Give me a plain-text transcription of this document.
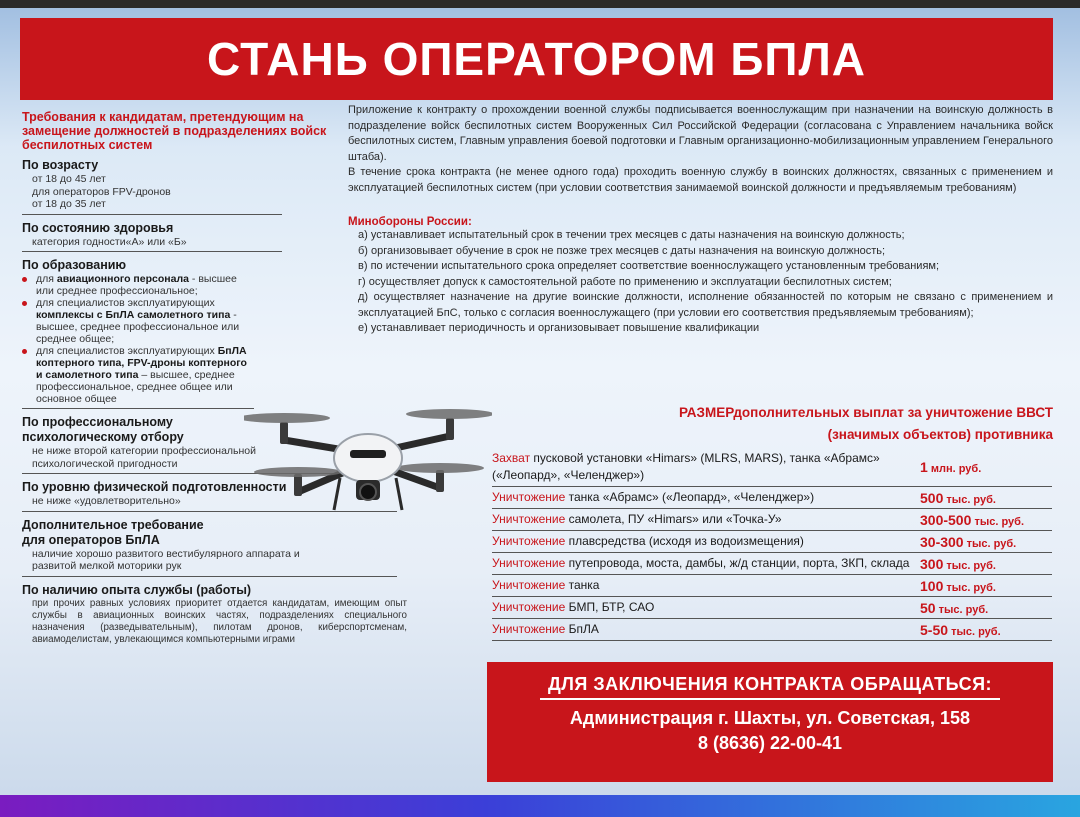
СТАНЬ ОПЕРАТОРОМ БПЛА
Требования к кандидатам, претендующим на замещение должностей в подразделениях войск беспилотных систем
По возрасту
от 18 до 45 лет
для операторов FPV-дронов
от 18 до 35 лет
По состоянию здоровья
категория годности«А» или «Б»
По образованию
для авиационного персонала - высшее или среднее профессиональное;
для специалистов эксплуатирующих комплексы с БпЛА самолетного типа - высшее, среднее профессиональное или среднее общее;
для специалистов эксплуатирующих БпЛА коптерного типа, FPV-дроны коптерного и самолетного типа – высшее, среднее профессиональное, среднее общее или основное общее
По профессиональному психологическому отбору
не ниже второй категории профессиональной психологической пригодности
По уровню физической подготовленности
не ниже «удовлетворительно»
Дополнительное требование для операторов БпЛА
наличие хорошо развитого вестибулярного аппарата и развитой мелкой моторики рук
По наличию опыта службы (работы)
при прочих равных условиях приоритет отдается кандидатам, имеющим опыт службы в авиационных воинских частях, подразделениях специального назначения (разведывательным), пилотам дронов, киберспортсменам, авиамоделистам, увлекающимся компьютерными играми

Приложение к контракту о прохождении военной службы подписывается военнослужащим при назначении на воинскую должность в подразделение войск беспилотных систем Вооруженных Сил Российской Федерации (согласована с Управлением начальника войск беспилотных систем, Главным управления боевой подготовки и Главным организационно-мобилизационным управлением Генерального штаба).

В течение срока контракта (не менее одного года) проходить военную службу в воинских должностях, связанных с применением и эксплуатацией беспилотных систем (при условии соответствия занимаемой воинской должности и предъявляемым требованиям)

Минобороны России:
а) устанавливает испытательный срок в течении трех месяцев с даты назначения на воинскую должность;
б) организовывает обучение в срок не позже трех месяцев с даты назначения на воинскую должность;
в) по истечении испытательного срока определяет соответствие военнослужащего установленным требованиям;
г) осуществляет допуск к самостоятельной работе по применению и эксплуатации беспилотных систем;
д) осуществляет назначение на другие воинские должности, исполнение обязанностей по которым не связано с применением и эксплуатацией БпС, только с согласия военнослужащего (при условии его соответствия предъявляемым требованиям);
е) устанавливает периодичность и организовывает повышение квалификации
РАЗМЕРдополнительных выплат за уничтожение ВВСТ
(значимых объектов) противника
Захват пусковой установки «Himars» (MLRS, MARS), танка «Абрамс» («Леопард», «Челенджер»)	1 млн. руб.
Уничтожение танка «Абрамс» («Леопард», «Челенджер»)	500 тыс. руб.
Уничтожение самолета, ПУ «Himars» или «Точка-У»	300-500 тыс. руб.
Уничтожение плавсредства (исходя из водоизмещения)	30-300 тыс. руб.
Уничтожение путепровода, моста, дамбы, ж/д станции, порта, ЗКП, склада 300 тыс. руб.
Уничтожение танка	100 тыс. руб.
Уничтожение БМП, БТР, САО	50 тыс. руб.
Уничтожение БпЛА	5-50 тыс. руб.
ДЛЯ ЗАКЛЮЧЕНИЯ КОНТРАКТА ОБРАЩАТЬСЯ:
Администрация г. Шахты, ул. Советская, 158
8 (8636) 22-00-41
